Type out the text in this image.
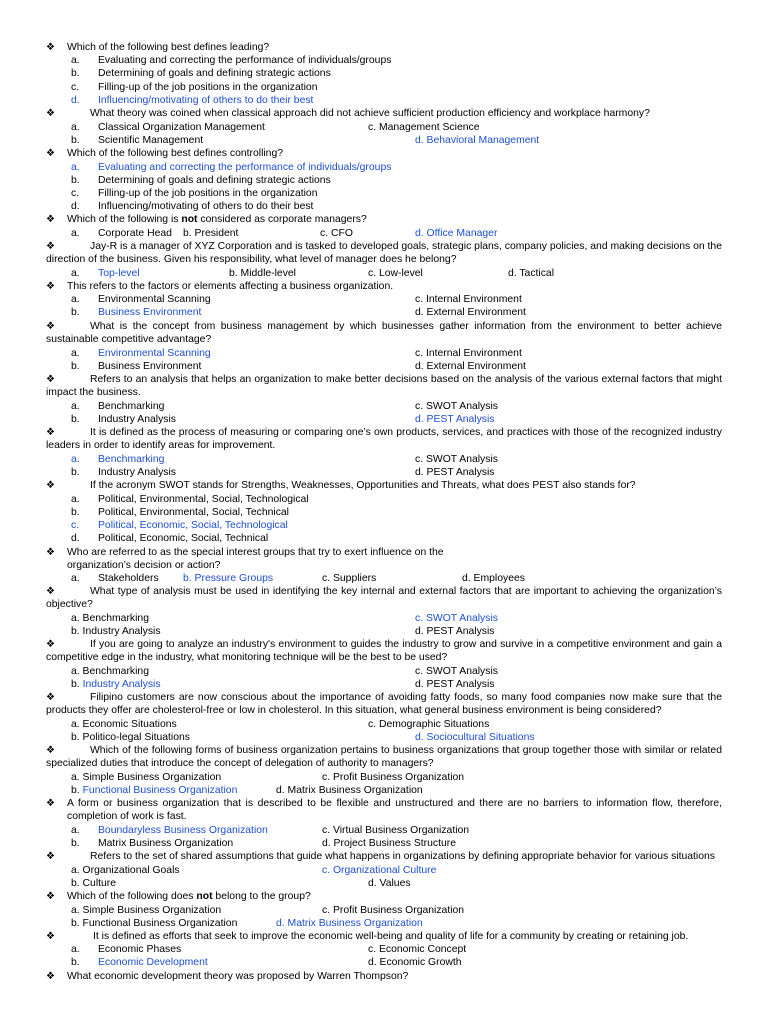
❖ Which of the following best defines leading?
a. Evaluating and correcting the performance of individuals/groups
b. Determining of goals and defining strategic actions
c. Filling-up of the job positions in the organization
d. Influencing/motivating of others to do their best
❖	What theory was coined when classical approach did not achieve sufficient production efficiency and workplace harmony?
a. Classical Organization Management	c. Management Science
b. Scientific Management	d. Behavioral Management
❖ Which of the following best defines controlling?
a. Evaluating and correcting the performance of individuals/groups
b. Determining of goals and defining strategic actions
c. Filling-up of the job positions in the organization
d. Influencing/motivating of others to do their best
❖ Which of the following is not considered as corporate managers?
a. Corporate Head b. President	c. CFO	d. Office Manager
❖	Jay-R is a manager of XYZ Corporation and is tasked to developed goals, strategic plans, company policies, and making decisions on the direction of the business. Given his responsibility, what level of manager does he belong?
a. Top-level	b. Middle-level	c. Low-level	d. Tactical
❖ This refers to the factors or elements affecting a business organization.
a. Environmental Scanning	c. Internal Environment
b. Business Environment	d. External Environment
❖	What is the concept from business management by which businesses gather information from the environment to better achieve sustainable competitive advantage?
a. Environmental Scanning	c. Internal Environment
b. Business Environment	d. External Environment
❖	Refers to an analysis that helps an organization to make better decisions based on the analysis of the various external factors that might impact the business.
a. Benchmarking	c. SWOT Analysis
b. Industry Analysis	d. PEST Analysis
❖	It is defined as the process of measuring or comparing one’s own products, services, and practices with those of the recognized industry leaders in order to identify areas for improvement.
a. Benchmarking	c. SWOT Analysis
b. Industry Analysis	d. PEST Analysis
❖	If the acronym SWOT stands for Strengths, Weaknesses, Opportunities and Threats, what does PEST also stands for?
a. Political, Environmental, Social, Technological
b. Political, Environmental, Social, Technical
c. Political, Economic, Social, Technological
d. Political, Economic, Social, Technical
❖ Who are referred to as the special interest groups that try to exert influence on the
organization’s decision or action?
a. Stakeholders b. Pressure Groups	c. Suppliers	d. Employees
❖	What type of analysis must be used in identifying the key internal and external factors that are important to achieving the organization’s objective?
a. Benchmarking	c. SWOT Analysis
b. Industry Analysis	d. PEST Analysis
❖	If you are going to analyze an industry's environment to guides the industry to grow and survive in a competitive environment and gain a competitive edge in the industry, what monitoring technique will be the best to be used?
a. Benchmarking	c. SWOT Analysis
b. Industry Analysis	d. PEST Analysis
❖	Filipino customers are now conscious about the importance of avoiding fatty foods, so many food companies now make sure that the products they offer are cholesterol-free or low in cholesterol. In this situation, what general business environment is being considered?
a. Economic Situations	c. Demographic Situations
b. Politico-legal Situations	d. Sociocultural Situations
❖	Which of the following forms of business organization pertains to business organizations that group together those with similar or related specialized duties that introduce the concept of delegation of authority to managers?
a. Simple Business Organization	c. Profit Business Organization
b. Functional Business Organization	d. Matrix Business Organization
❖ A form or business organization that is described to be flexible and unstructured and there are no barriers to information flow, therefore, completion of work is fast.
a. Boundaryless Business Organization	c. Virtual Business Organization
b. Matrix Business Organization	d. Project Business Structure
❖	Refers to the set of shared assumptions that guide what happens in organizations by defining appropriate behavior for various situations
a. Organizational Goals	c. Organizational Culture
b. Culture	d. Values
❖ Which of the following does not belong to the group?
a. Simple Business Organization	c. Profit Business Organization
b. Functional Business Organization	d. Matrix Business Organization
❖	It is defined as efforts that seek to improve the economic well-being and quality of life for a community by creating or retaining job.
a. Economic Phases	c. Economic Concept
b. Economic Development	d. Economic Growth
❖ What economic development theory was proposed by Warren Thompson?
